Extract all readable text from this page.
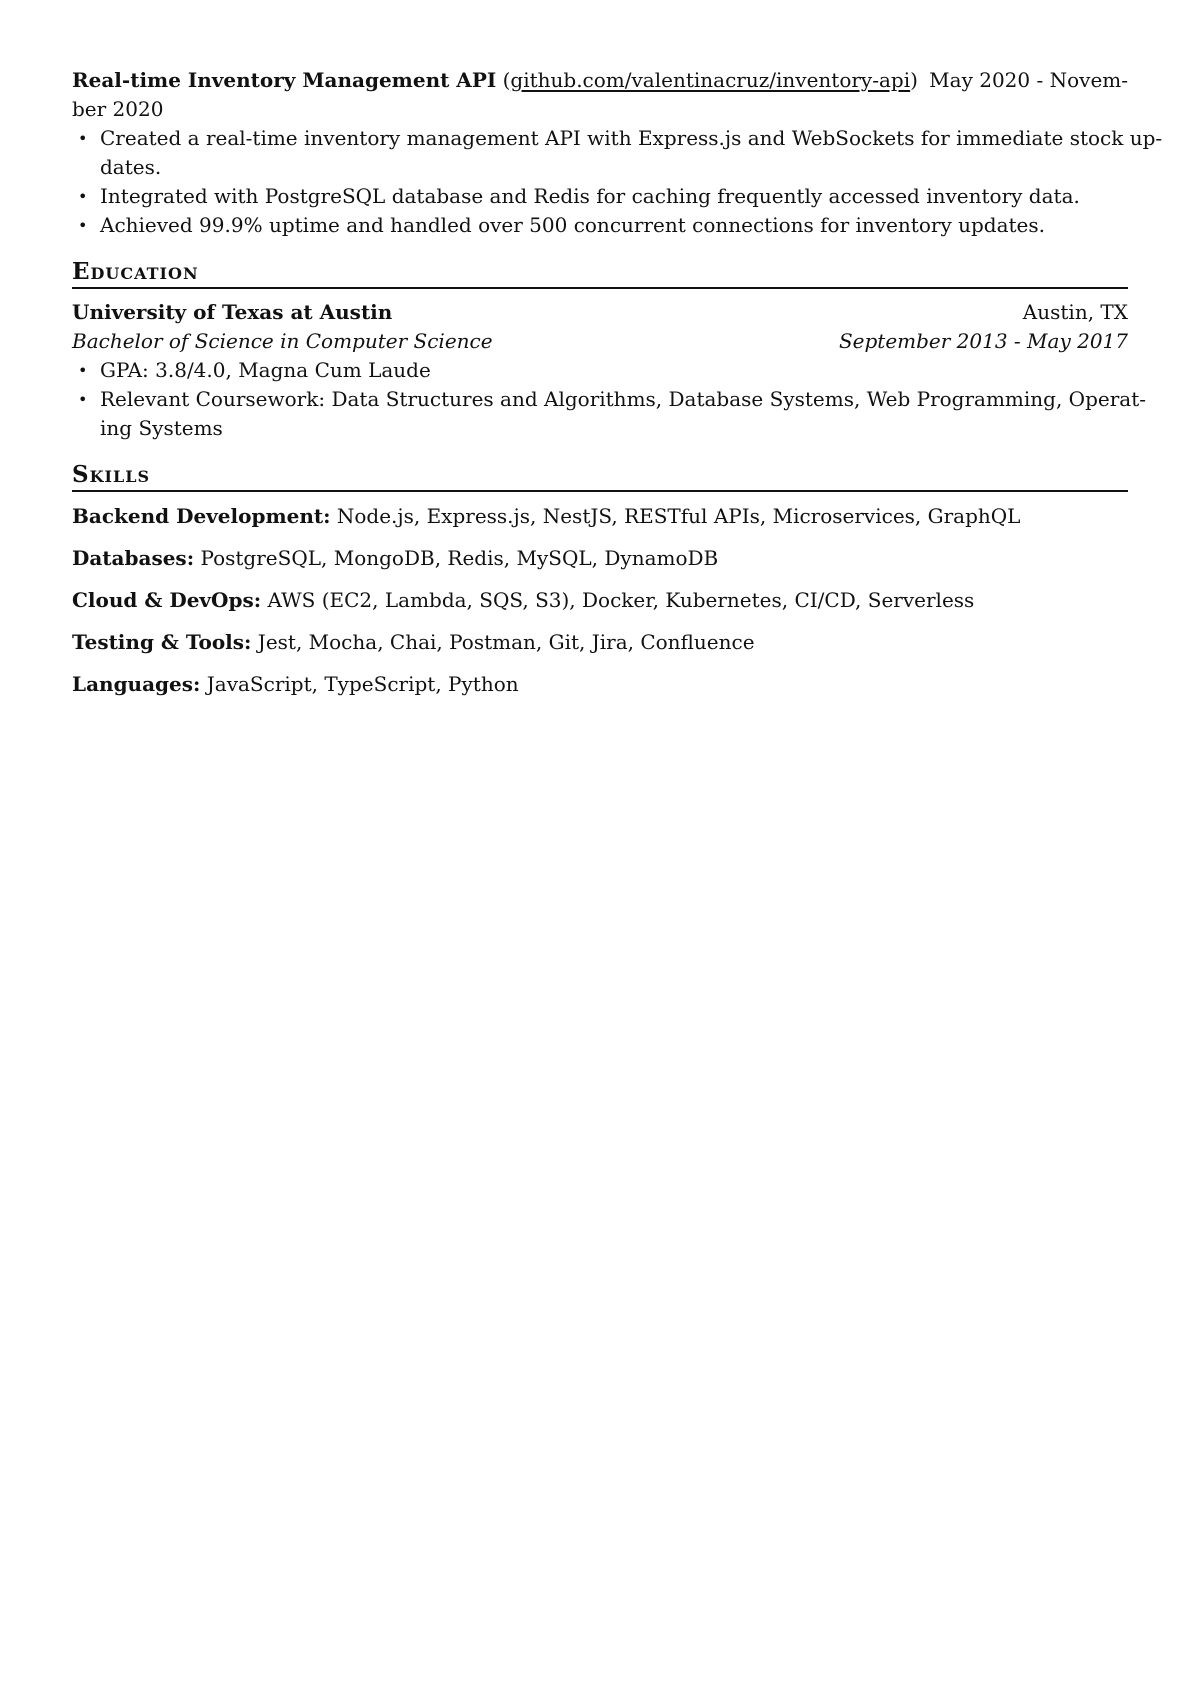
Real-time Inventory Management API (github.com/valentinacruz/inventory-api) May 2020 - Novem-
ber 2020
• Created a real-time inventory management API with Express.js and WebSockets for immediate stock up-
dates.
• Integrated with PostgreSQL database and Redis for caching frequently accessed inventory data.
• Achieved 99.9% uptime and handled over 500 concurrent connections for inventory updates.
Education
University of Texas at Austin	Austin, TX
Bachelor of Science in Computer Science	September 2013 - May 2017
• GPA: 3.8/4.0, Magna Cum Laude
• Relevant Coursework: Data Structures and Algorithms, Database Systems, Web Programming, Operat-
ing Systems
Skills
Backend Development: Node.js, Express.js, NestJS, RESTful APIs, Microservices, GraphQL
Databases: PostgreSQL, MongoDB, Redis, MySQL, DynamoDB
Cloud & DevOps: AWS (EC2, Lambda, SQS, S3), Docker, Kubernetes, CI/CD, Serverless
Testing & Tools: Jest, Mocha, Chai, Postman, Git, Jira, Confluence
Languages: JavaScript, TypeScript, Python
